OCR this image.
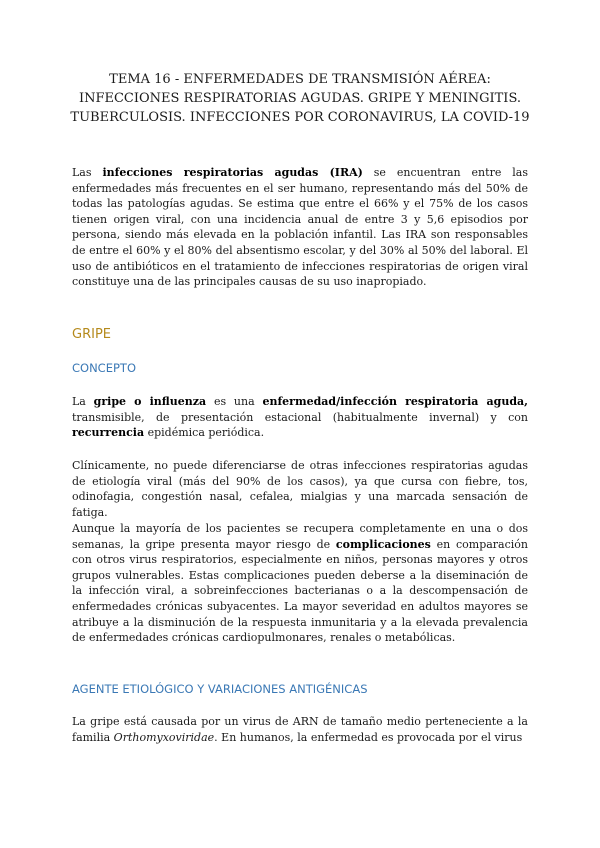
TEMA 16 - ENFERMEDADES DE TRANSMISIÓN AÉREA:
INFECCIONES RESPIRATORIAS AGUDAS. GRIPE Y MENINGITIS.
TUBERCULOSIS. INFECCIONES POR CORONAVIRUS, LA COVID-19
Las infecciones respiratorias agudas (IRA) se encuentran entre las enfermedades más frecuentes en el ser humano, representando más del 50% de todas las patologías agudas. Se estima que entre el 66% y el 75% de los casos tienen origen viral, con una incidencia anual de entre 3 y 5,6 episodios por persona, siendo más elevada en la población infantil. Las IRA son responsables de entre el 60% y el 80% del absentismo escolar, y del 30% al 50% del laboral. El uso de antibióticos en el tratamiento de infecciones respiratorias de origen viral constituye una de las principales causas de su uso inapropiado.
GRIPE
CONCEPTO
La gripe o influenza es una enfermedad/infección respiratoria aguda, transmisible, de presentación estacional (habitualmente invernal) y con recurrencia epidémica periódica.
Clínicamente, no puede diferenciarse de otras infecciones respiratorias agudas de etiología viral (más del 90% de los casos), ya que cursa con fiebre, tos, odinofagia, congestión nasal, cefalea, mialgias y una marcada sensación de fatiga.
Aunque la mayoría de los pacientes se recupera completamente en una o dos semanas, la gripe presenta mayor riesgo de complicaciones en comparación con otros virus respiratorios, especialmente en niños, personas mayores y otros grupos vulnerables. Estas complicaciones pueden deberse a la diseminación de la infección viral, a sobreinfecciones bacterianas o a la descompensación de enfermedades crónicas subyacentes. La mayor severidad en adultos mayores se atribuye a la disminución de la respuesta inmunitaria y a la elevada prevalencia de enfermedades crónicas cardiopulmonares, renales o metabólicas.
AGENTE ETIOLÓGICO Y VARIACIONES ANTIGÉNICAS
La gripe está causada por un virus de ARN de tamaño medio perteneciente a la familia Orthomyxoviridae. En humanos, la enfermedad es provocada por el virus
